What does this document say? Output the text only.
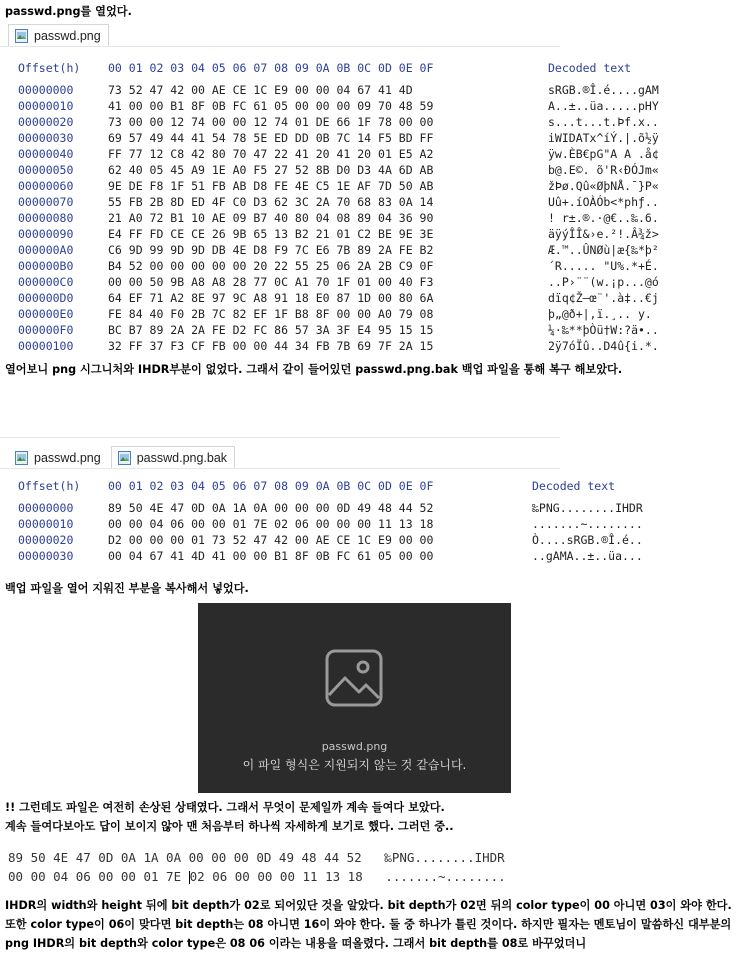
passwd.png를 열었다.

passwd.png
Offset(h)	00 01 02 03 04 05 06 07 08 09 0A 0B 0C 0D 0E 0F	Decoded text
00000000	73 52 47 42 00 AE CE 1C E9 00 00 04 67 41 4D	sRGB.®Î.é....gAM
00000010	41 00 00 B1 8F 0B FC 61 05 00 00 00 09 70 48 59	A..±..üa.....pHY
00000020	73 00 00 12 74 00 00 12 74 01 DE 66 1F 78 00 00	s...t...t.Þf.x..
00000030	69 57 49 44 41 54 78 5E ED DD 0B 7C 14 F5 BD FF	iWIDATx^íÝ.|.õ½ÿ
00000040	FF 77 12 C8 42 80 70 47 22 41 20 41 20 01 E5 A2	ÿw.ÈB€pG"A A .å¢
00000050	62 40 05 45 A9 1E A0 F5 27 52 8B D0 D3 4A 6D AB	b@.E©. õ'R‹ÐÓJm«
00000060	9E DE F8 1F 51 FB AB D8 FE 4E C5 1E AF 7D 50 AB	žÞø.Qû«ØþNÅ.¯}P«
00000070	55 FB 2B 8D ED 4F C0 D3 62 3C 2A 70 68 83 0A 14	Uû+.íOÀÓb<*phƒ..
00000080	21 A0 72 B1 10 AE 09 B7 40 80 04 08 89 04 36 90	! r±.®.·@€..‰.6.
00000090	E4 FF FD CE CE 26 9B 65 13 B2 21 01 C2 BE 9E 3E	äÿýÎÎ&›e.²!.Â¾ž>
000000A0	C6 9D 99 9D 9D DB 4E D8 F9 7C E6 7B 89 2A FE B2	Æ.™..ÛNØù|æ{‰*þ²
000000B0	B4 52 00 00 00 00 00 20 22 55 25 06 2A 2B C9 0F	´R..... "U%.*+É.
000000C0	00 00 50 9B A8 A8 28 77 0C A1 70 1F 01 00 40 F3	..P›¨¨(w.¡p...@ó
000000D0	64 EF 71 A2 8E 97 9C A8 91 18 E0 87 1D 00 80 6A	dïq¢Ž—œ¨'.à‡..€j
000000E0	FE 84 40 F0 2B 7C 82 EF 1F B8 8F 00 00 A0 79 08	þ„@ð+|‚ï.¸.. y.
000000F0	BC B7 89 2A 2A FE D2 FC 86 57 3A 3F E4 95 15 15	¼·‰**þÒü†W:?ä•..
00000100	32 FF 37 F3 CF FB 00 00 44 34 FB 7B 69 7F 2A 15	2ÿ7óÏû..D4û{i.*.

열어보니 png 시그니처와 IHDR부분이 없었다. 그래서 같이 들어있던 passwd.png.bak 백업 파일을 통해 복구 해보았다.

passwd.png	passwd.png.bak
Offset(h)	00 01 02 03 04 05 06 07 08 09 0A 0B 0C 0D 0E 0F	Decoded text
00000000	89 50 4E 47 0D 0A 1A 0A 00 00 00 0D 49 48 44 52	‰PNG........IHDR
00000010	00 00 04 06 00 00 01 7E 02 06 00 00 00 11 13 18	.......~........
00000020	D2 00 00 00 01 73 52 47 42 00 AE CE 1C E9 00 00	Ò....sRGB.®Î.é..
00000030	00 04 67 41 4D 41 00 00 B1 8F 0B FC 61 05 00 00	..gAMA..±..üa...

백업 파일을 열어 지워진 부분을 복사해서 넣었다.

passwd.png
이 파일 형식은 지원되지 않는 것 같습니다.

!! 그런데도 파일은 여전히 손상된 상태였다. 그래서 무엇이 문제일까 계속 들여다 보았다.
계속 들여다보아도 답이 보이지 않아 맨 처음부터 하나씩 자세하게 보기로 했다. 그러던 중..

89 50 4E 47 0D 0A 1A 0A 00 00 00 0D 49 48 44 52 ‰PNG........IHDR
00 00 04 06 00 00 01 7E 02 06 00 00 00 11 13 18 .......~........

IHDR의 width와 height 뒤에 bit depth가 02로 되어있단 것을 알았다. bit depth가 02면 뒤의 color type이 00 아니면 03이 와야 한다. 또한 color type이 06이 맞다면 bit depth는 08 아니면 16이 와야 한다. 둘 중 하나가 틀린 것이다. 하지만 필자는 멘토님이 말씀하신 대부분의 png IHDR의 bit depth와 color type은 08 06 이라는 내용을 떠올렸다. 그래서 bit depth를 08로 바꾸었더니
